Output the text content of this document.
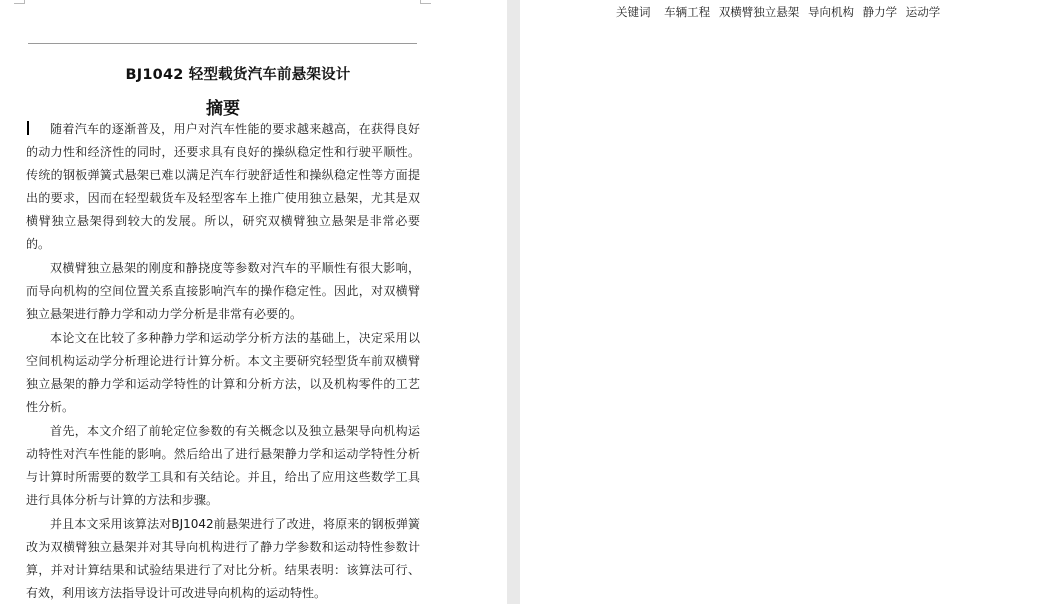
BJ1042 轻型载货汽车前悬架设计
摘要

随着汽车的逐渐普及，用户对汽车性能的要求越来越高，在获得良好的动力性和经济性的同时，还要求具有良好的操纵稳定性和行驶平顺性。传统的钢板弹簧式悬架已难以满足汽车行驶舒适性和操纵稳定性等方面提出的要求，因而在轻型载货车及轻型客车上推广使用独立悬架，尤其是双横臂独立悬架得到较大的发展。所以，研究双横臂独立悬架是非常必要的。

双横臂独立悬架的刚度和静挠度等参数对汽车的平顺性有很大影响，而导向机构的空间位置关系直接影响汽车的操作稳定性。因此，对双横臂独立悬架进行静力学和动力学分析是非常有必要的。

本论文在比较了多种静力学和运动学分析方法的基础上，决定采用以空间机构运动学分析理论进行计算分析。本文主要研究轻型货车前双横臂独立悬架的静力学和运动学特性的计算和分析方法，以及机构零件的工艺性分析。

首先，本文介绍了前轮定位参数的有关概念以及独立悬架导向机构运动特性对汽车性能的影响。然后给出了进行悬架静力学和运动学特性分析与计算时所需要的数学工具和有关结论。并且，给出了应用这些数学工具进行具体分析与计算的方法和步骤。

并且本文采用该算法对BJ1042前悬架进行了改进，将原来的钢板弹簧改为双横臂独立悬架并对其导向机构进行了静力学参数和运动特性参数计算，并对计算结果和试验结果进行了对比分析。结果表明：该算法可行、有效，利用该方法指导设计可改进导向机构的运动特性。

关键词 车辆工程 双横臂独立悬架 导向机构 静力学 运动学
